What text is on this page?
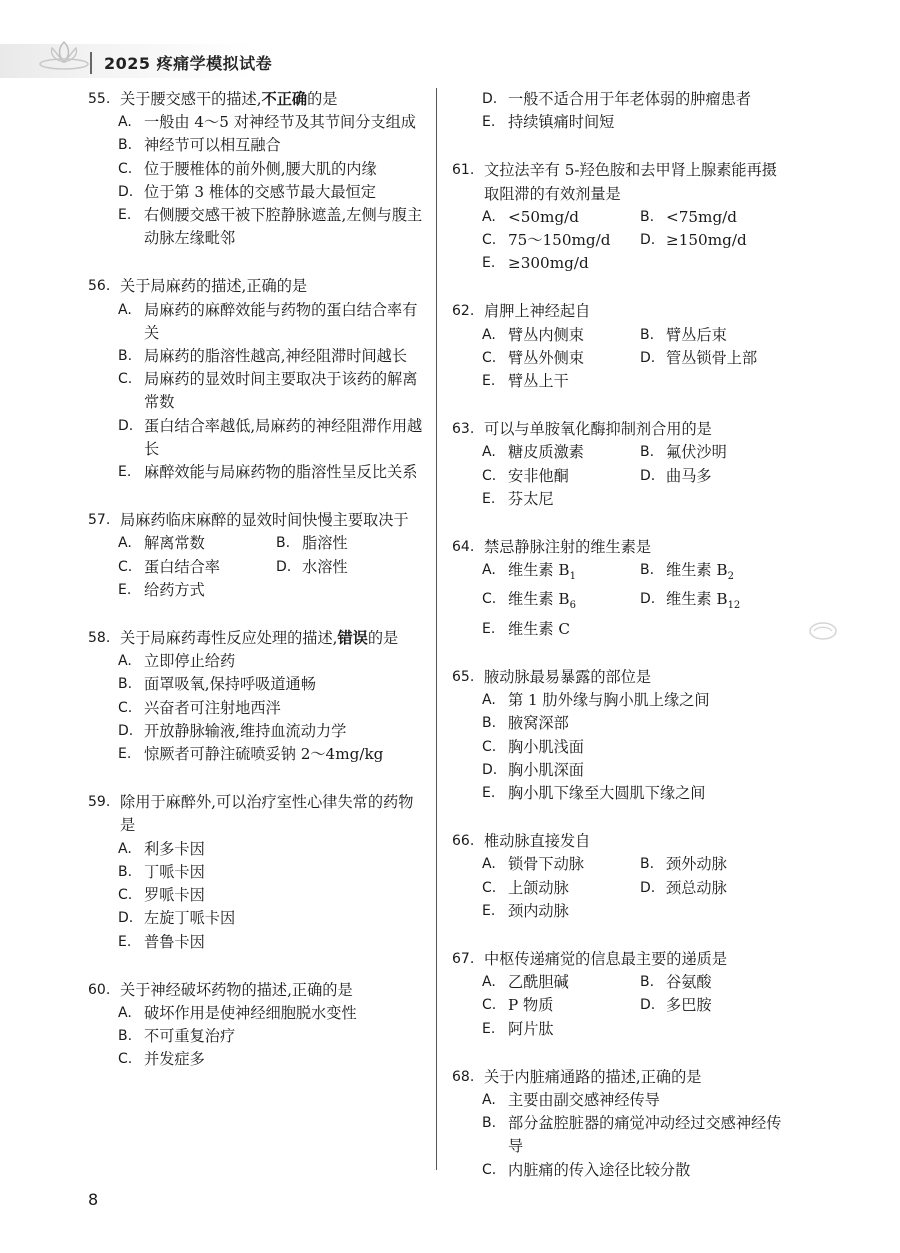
2025 疼痛学模拟试卷
55. 关于腰交感干的描述,不正确的是
A. 一般由 4～5 对神经节及其节间分支组成
B. 神经节可以相互融合
C. 位于腰椎体的前外侧,腰大肌的内缘
D. 位于第 3 椎体的交感节最大最恒定
E. 右侧腰交感干被下腔静脉遮盖,左侧与腹主动脉左缘毗邻
56. 关于局麻药的描述,正确的是
A. 局麻药的麻醉效能与药物的蛋白结合率有关
B. 局麻药的脂溶性越高,神经阻滞时间越长
C. 局麻药的显效时间主要取决于该药的解离常数
D. 蛋白结合率越低,局麻药的神经阻滞作用越长
E. 麻醉效能与局麻药物的脂溶性呈反比关系
57. 局麻药临床麻醉的显效时间快慢主要取决于
A. 解离常数	B. 脂溶性
C. 蛋白结合率	D. 水溶性
E. 给药方式
58. 关于局麻药毒性反应处理的描述,错误的是
A. 立即停止给药
B. 面罩吸氧,保持呼吸道通畅
C. 兴奋者可注射地西泮
D. 开放静脉输液,维持血流动力学
E. 惊厥者可静注硫喷妥钠 2～4mg/kg
59. 除用于麻醉外,可以治疗室性心律失常的药物是
A. 利多卡因
B. 丁哌卡因
C. 罗哌卡因
D. 左旋丁哌卡因
E. 普鲁卡因
60. 关于神经破坏药物的描述,正确的是
A. 破坏作用是使神经细胞脱水变性
B. 不可重复治疗
C. 并发症多
D. 一般不适合用于年老体弱的肿瘤患者
E. 持续镇痛时间短
61. 文拉法辛有 5-羟色胺和去甲肾上腺素能再摄取阻滞的有效剂量是
A. <50mg/d	B. <75mg/d
C. 75～150mg/d	D. ≥150mg/d
E. ≥300mg/d
62. 肩胛上神经起自
A. 臂丛内侧束	B. 臂丛后束
C. 臂丛外侧束	D. 管丛锁骨上部
E. 臂丛上干
63. 可以与单胺氧化酶抑制剂合用的是
A. 糖皮质激素	B. 氟伏沙明
C. 安非他酮	D. 曲马多
E. 芬太尼
64. 禁忌静脉注射的维生素是
A. 维生素 $B_1$	B. 维生素 $B_2$
C. 维生素 $B_6$	D. 维生素 $B_{12}$
E. 维生素 C
65. 腋动脉最易暴露的部位是
A. 第 1 肋外缘与胸小肌上缘之间
B. 腋窝深部
C. 胸小肌浅面
D. 胸小肌深面
E. 胸小肌下缘至大圆肌下缘之间
66. 椎动脉直接发自
A. 锁骨下动脉	B. 颈外动脉
C. 上颌动脉	D. 颈总动脉
E. 颈内动脉
67. 中枢传递痛觉的信息最主要的递质是
A. 乙酰胆碱	B. 谷氨酸
C. P 物质	D. 多巴胺
E. 阿片肽
68. 关于内脏痛通路的描述,正确的是
A. 主要由副交感神经传导
B. 部分盆腔脏器的痛觉冲动经过交感神经传导
C. 内脏痛的传入途径比较分散
8
